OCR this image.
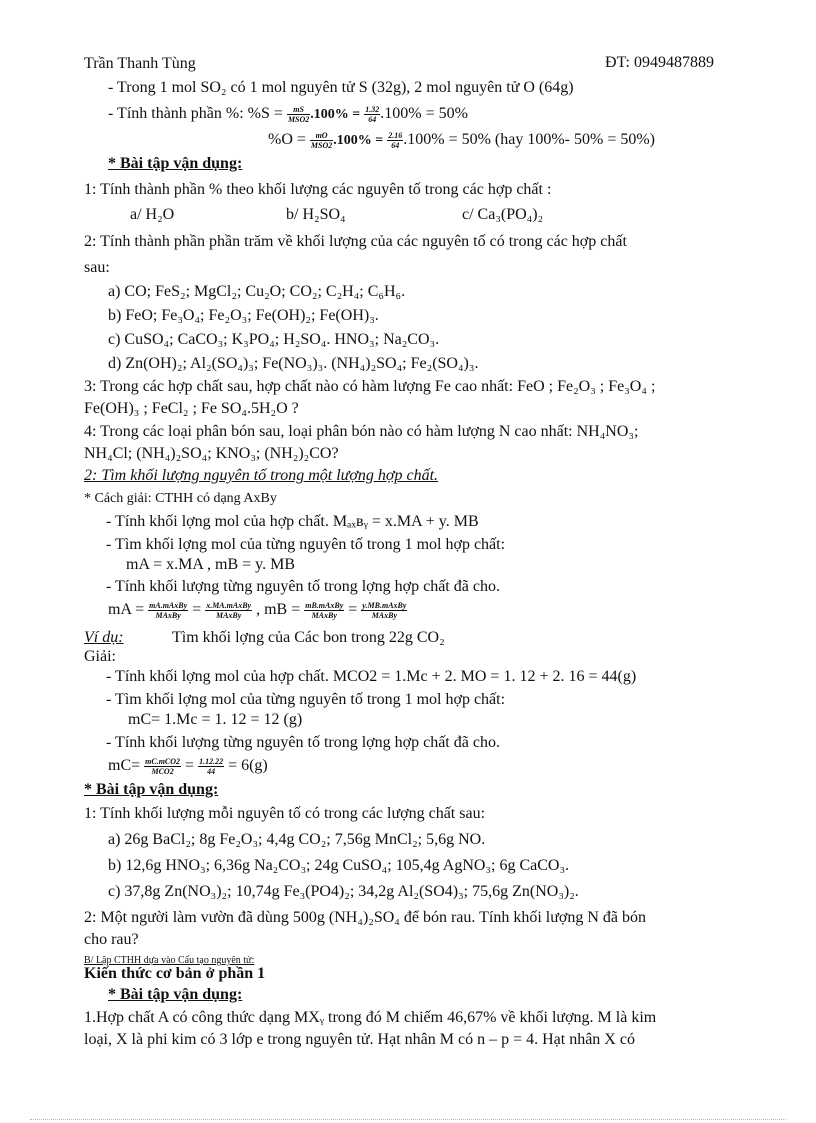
Trần Thanh Tùng	ĐT: 0949487889
- Trong 1 mol SO₂ có 1 mol nguyên tử S (32g), 2 mol nguyên tử O (64g)
- Tính thành phần %: $\%S = \frac{mS}{\text{MSO2}} .100\% = \frac{1.32}{64} .100\% = 50\%$
$\%O = \frac{mO}{\text{MSO2}} .100\% = \frac{2.16}{64} .100\% = 50\%$ (hay 100%- 50% = 50%)
* Bài tập vận dụng:
1: Tính thành phần % theo khối lượng các nguyên tố trong các hợp chất :
a/ H₂O	b/ H₂SO₄	c/ Ca₃(PO₄)₂
2: Tính thành phần phần trăm về khối lượng của các nguyên tố có trong các hợp chất
sau:
a) CO; FeS₂; MgCl₂; Cu₂O; CO₂; C₂H₄; C₆H₆.
b) FeO; Fe₃O₄; Fe₂O₃; Fe(OH)₂; Fe(OH)₃.
c) CuSO₄; CaCO₃; K₃PO₄; H₂SO₄. HNO₃; Na₂CO₃.
d) Zn(OH)₂; Al₂(SO₄)₃; Fe(NO₃)₃. (NH₄)₂SO₄; Fe₂(SO₄)₃.
3: Trong các hợp chất sau, hợp chất nào có hàm lượng Fe cao nhất: FeO ; Fe₂O₃ ; Fe₃O₄ ;
Fe(OH)₃ ; FeCl₂ ; Fe SO₄.5H₂O ?
4: Trong các loại phân bón sau, loại phân bón nào có hàm lượng N cao nhất: NH₄NO₃;
NH₄Cl; (NH₄)₂SO₄; KNO₃; (NH₂)₂CO?
2: Tìm khối lượng nguyên tố trong một lượng hợp chất.
* Cách giải: CTHH có dạng AxBy
- Tính khối lợng mol của hợp chất. Mₐₓʙᵧ = x.MA + y. MB
- Tìm khối lợng mol của từng nguyên tố trong 1 mol hợp chất:
mA = x.MA , mB = y. MB
- Tính khối lượng từng nguyên tố trong lợng hợp chất đã cho.
mA = $\frac{\text{mA.mAxBy}}{\text{MAxBy}} = \frac{\text{x.MA.mAxBy}}{\text{MAxBy}}$ , mB = $\frac{\text{mB.mAxBy}}{\text{MAxBy}} = \frac{\text{y.MB.mAxBy}}{\text{MAxBy}}$
Ví dụ:	Tìm khối lợng của Các bon trong 22g CO₂
Giải:
- Tính khối lợng mol của hợp chất. MCO2 = 1.Mc + 2. MO = 1. 12 + 2. 16 = 44(g)
- Tìm khối lợng mol của từng nguyên tố trong 1 mol hợp chất:
mC= 1.Mc = 1. 12 = 12 (g)
- Tính khối lượng từng nguyên tố trong lợng hợp chất đã cho.
$mC= \frac{\text{mC.mCO2}}{\text{MCO2}} = \frac{1.12.22}{44} = 6(g)$
* Bài tập vận dụng:
1: Tính khối lượng mỗi nguyên tố có trong các lượng chất sau:
a) 26g BaCl₂; 8g Fe₂O₃; 4,4g CO₂; 7,56g MnCl₂; 5,6g NO.
b) 12,6g HNO₃; 6,36g Na₂CO₃; 24g CuSO₄; 105,4g AgNO₃; 6g CaCO₃.
c) 37,8g Zn(NO₃)₂; 10,74g Fe₃(PO4)₂; 34,2g Al₂(SO4)₃; 75,6g Zn(NO₃)₂.
2: Một người làm vườn đã dùng 500g (NH₄)₂SO₄ để bón rau. Tính khối lượng N đã bón
cho rau?
B/ Lập CTHH dựa vào Cấu tạo nguyên tử:
Kiến thức cơ bản ở phần 1
* Bài tập vận dụng:
1.Hợp chất A có công thức dạng MXᵧ trong đó M chiếm 46,67% về khối lượng. M là kim
loại, X là phi kim có 3 lớp e trong nguyên tử. Hạt nhân M có n – p = 4. Hạt nhân X có
